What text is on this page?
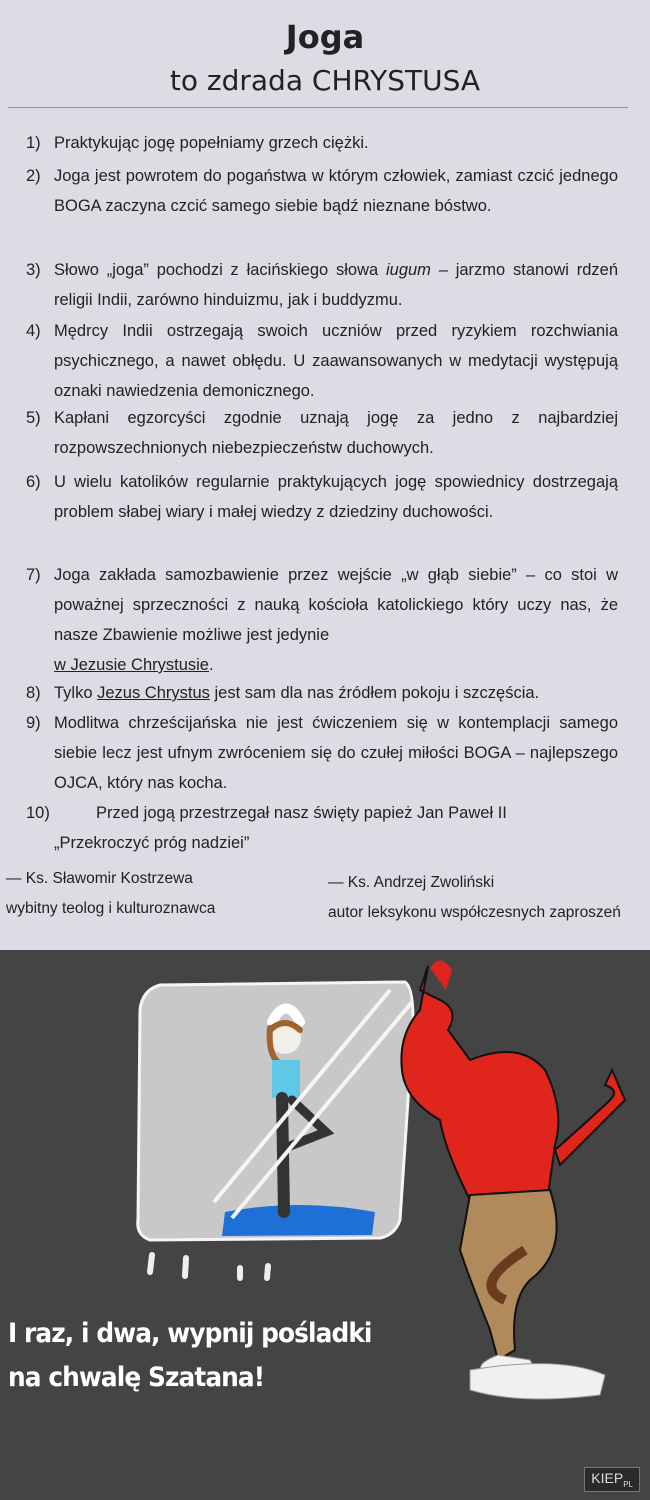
Joga
to zdrada CHRYSTUSA
1) Praktykując jogę popełniamy grzech ciężki.
2) Joga jest powrotem do pogaństwa w którym człowiek, zamiast czcić jednego BOGA zaczyna czcić samego siebie bądź nieznane bóstwo.
3) Słowo „joga” pochodzi z łacińskiego słowa iugum – jarzmo stanowi rdzeń religii Indii, zarówno hinduizmu, jak i buddyzmu.
4) Mędrcy Indii ostrzegają swoich uczniów przed ryzykiem rozchwiania psychicznego, a nawet obłędu. U zaawansowanych w medytacji występują oznaki nawiedzenia demonicznego.
5) Kapłani egzorcyści zgodnie uznają jogę za jedno z najbardziej rozpowszechnionych niebezpieczeństw duchowych.
6) U wielu katolików regularnie praktykujących jogę spowiednicy dostrzegają problem słabej wiary i małej wiedzy z dziedziny duchowości.
7) Joga zakłada samozbawienie przez wejście „w głąb siebie” – co stoi w poważnej sprzeczności z nauką kościoła katolickiego który uczy nas, że nasze Zbawienie możliwe jest jedynie
w Jezusie Chrystusie.
8) Tylko Jezus Chrystus jest sam dla nas źródłem pokoju i szczęścia.
9) Modlitwa chrześcijańska nie jest ćwiczeniem się w kontemplacji samego siebie lecz jest ufnym zwróceniem się do czułej miłości BOGA – najlepszego OJCA, który nas kocha.
10)	Przed jogą przestrzegał nasz święty papież Jan Paweł II
„Przekroczyć próg nadziei”
— Ks. Sławomir Kostrzewa
wybitny teolog i kulturoznawca
— Ks. Andrzej Zwoliński
autor leksykonu współczesnych zaproszeń
I raz, i dwa, wypnij pośladki
na chwalę Szatana!
$KIEP_{PL}$
